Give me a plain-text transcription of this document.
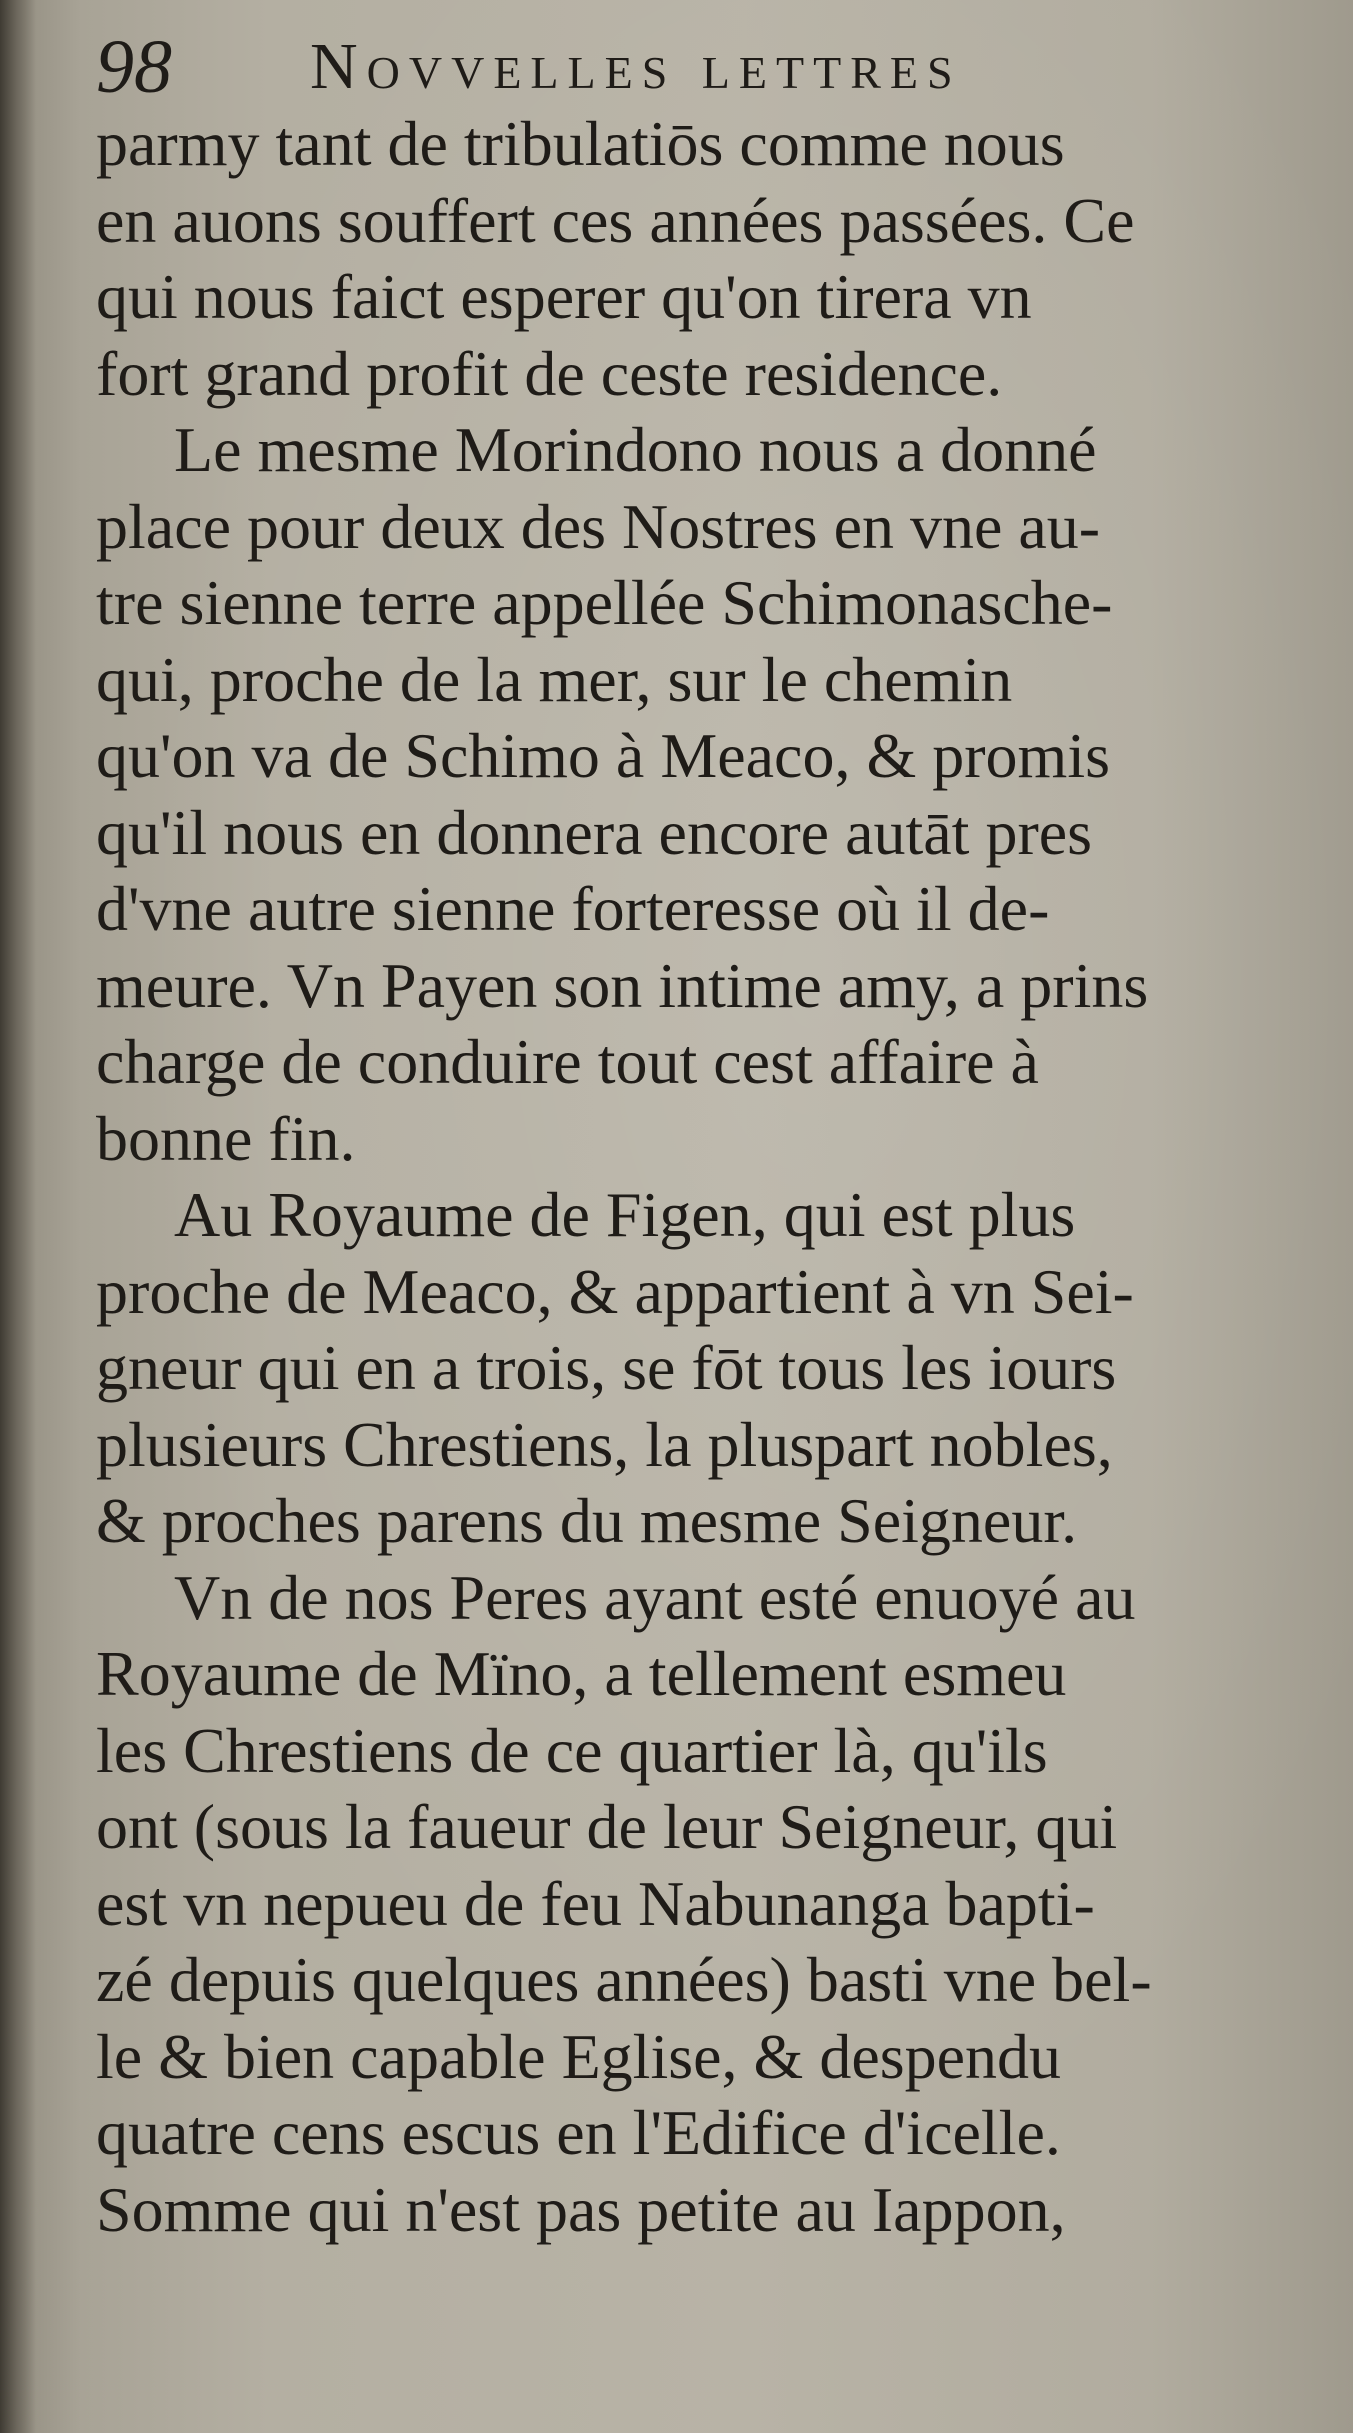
98 Novvelles lettres
parmy tant de tribulatiōs comme nous
en auons souffert ces années passées. Ce
qui nous faict esperer qu'on tirera vn
fort grand profit de ceste residence.
Le mesme Morindono nous a donné
place pour deux des Nostres en vne au-
tre sienne terre appellée Schimonasche-
qui, proche de la mer, sur le chemin
qu'on va de Schimo à Meaco, & promis
qu'il nous en donnera encore autāt pres
d'vne autre sienne forteresse où il de-
meure. Vn Payen son intime amy, a prins
charge de conduire tout cest affaire à
bonne fin.
Au Royaume de Figen, qui est plus
proche de Meaco, & appartient à vn Sei-
gneur qui en a trois, se fōt tous les iours
plusieurs Chrestiens, la pluspart nobles,
& proches parens du mesme Seigneur.
Vn de nos Peres ayant esté enuoyé au
Royaume de Mïno, a tellement esmeu
les Chrestiens de ce quartier là, qu'ils
ont (sous la faueur de leur Seigneur, qui
est vn nepueu de feu Nabunanga bapti-
zé depuis quelques années) basti vne bel-
le & bien capable Eglise, & despendu
quatre cens escus en l'Edifice d'icelle.
Somme qui n'est pas petite au Iappon,
